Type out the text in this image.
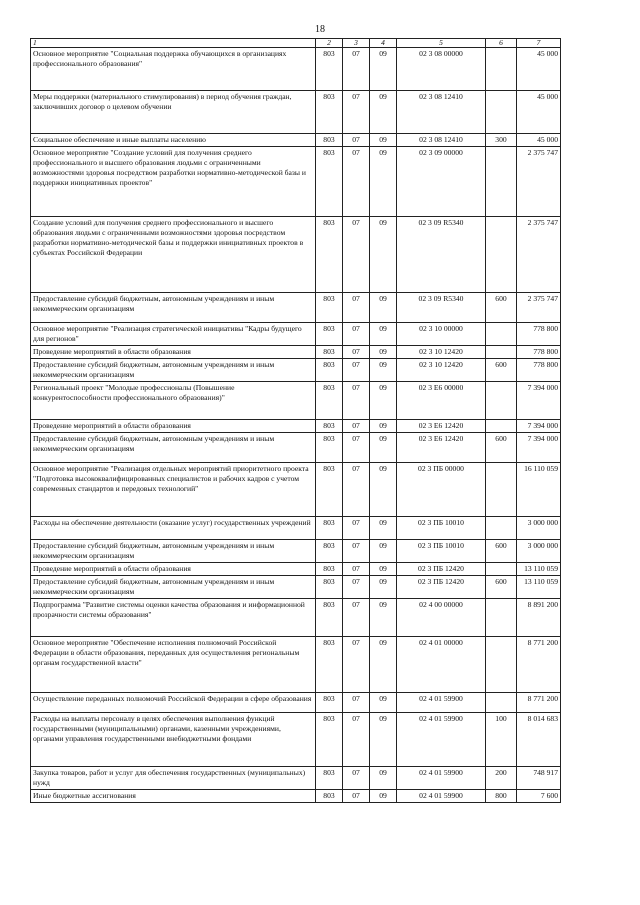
18
1	2	3	4	5	6	7
Основное мероприятие "Социальная поддержка обучающихся в организациях профессионального образования"	803	07	09	02 3 08 00000		45 000
Меры поддержки (материального стимулирования) в период обучения граждан, заключивших договор о целевом обучении	803	07	09	02 3 08 12410		45 000
Социальное обеспечение и иные выплаты населению	803	07	09	02 3 08 12410	300	45 000
Основное мероприятие "Создание условий для получения среднего профессионального и высшего образования людьми с ограниченными возможностями здоровья посредством разработки нормативно-методической базы и поддержки инициативных проектов"	803	07	09	02 3 09 00000		2 375 747
Создание условий для получения среднего профессионального и высшего образования людьми с ограниченными возможностями здоровья посредством разработки нормативно-методической базы и поддержки инициативных проектов в субъектах Российской Федерации	803	07	09	02 3 09 R5340		2 375 747
Предоставление субсидий бюджетным, автономным учреждениям и иным некоммерческим организациям	803	07	09	02 3 09 R5340	600	2 375 747
Основное мероприятие "Реализация стратегической инициативы "Кадры будущего для регионов"	803	07	09	02 3 10 00000		778 800
Проведение мероприятий в области образования	803	07	09	02 3 10 12420		778 800
Предоставление субсидий бюджетным, автономным учреждениям и иным некоммерческим организациям	803	07	09	02 3 10 12420	600	778 800
Региональный проект "Молодые профессионалы (Повышение конкурентоспособности профессионального образования)"	803	07	09	02 3 E6 00000		7 394 000
Проведение мероприятий в области образования	803	07	09	02 3 E6 12420		7 394 000
Предоставление субсидий бюджетным, автономным учреждениям и иным некоммерческим организациям	803	07	09	02 3 E6 12420	600	7 394 000
Основное мероприятие "Реализация отдельных мероприятий приоритетного проекта "Подготовка высококвалифицированных специалистов и рабочих кадров с учетом современных стандартов и передовых технологий"	803	07	09	02 3 ПБ 00000		16 110 059
Расходы на обеспечение деятельности (оказание услуг) государственных учреждений	803	07	09	02 3 ПБ 10010		3 000 000
Предоставление субсидий бюджетным, автономным учреждениям и иным некоммерческим организациям	803	07	09	02 3 ПБ 10010	600	3 000 000
Проведение мероприятий в области образования	803	07	09	02 3 ПБ 12420		13 110 059
Предоставление субсидий бюджетным, автономным учреждениям и иным некоммерческим организациям	803	07	09	02 3 ПБ 12420	600	13 110 059
Подпрограмма "Развитие системы оценки качества образования и информационной прозрачности системы образования"	803	07	09	02 4 00 00000		8 891 200
Основное мероприятие "Обеспечение исполнения полномочий Российской Федерации в области образования, переданных для осуществления региональным органам государственной власти"	803	07	09	02 4 01 00000		8 771 200
Осуществление переданных полномочий Российской Федерации в сфере образования	803	07	09	02 4 01 59900		8 771 200
Расходы на выплаты персоналу в целях обеспечения выполнения функций государственными (муниципальными) органами, казенными учреждениями, органами управления государственными внебюджетными фондами	803	07	09	02 4 01 59900	100	8 014 683
Закупка товаров, работ и услуг для обеспечения государственных (муниципальных) нужд	803	07	09	02 4 01 59900	200	748 917
Иные бюджетные ассигнования	803	07	09	02 4 01 59900	800	7 600
